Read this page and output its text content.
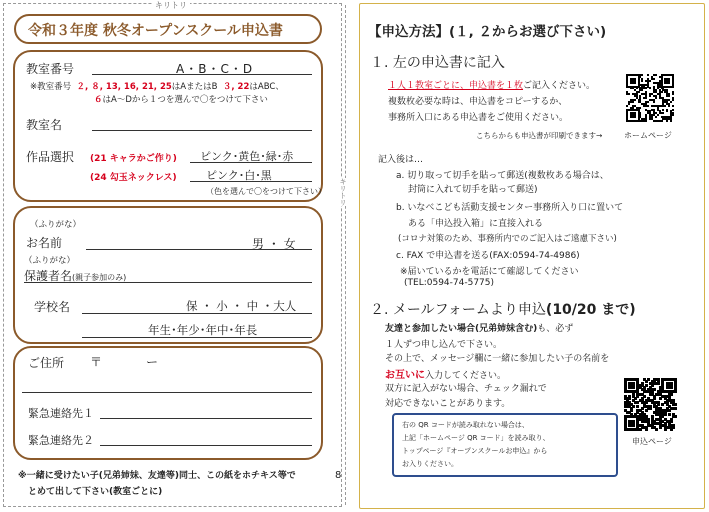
キリトリ
キリトリ
令和３年度 秋冬オープンスクール申込書
教室番号	A・B・C・D
※教室番号 ２, ８, 13, 16, 21, 25はAまたはB ３, 22はABC、
６はA～Dから１つを選んで〇をつけて下さい
教室名
作品選択 (21 キャラかご作り) ピンク･黄色･緑･赤
(24 勾玉ネックレス)	ピンク･白･黒
（色を選んで〇をつけて下さい）
（ふりがな）
お名前	男 ・ 女
（ふりがな）
保護者名(親子参加のみ)
学校名	保 ・ 小 ・ 中 ・大人
年生･年少･年中･年長
ご住所 〒	ー
緊急連絡先１
緊急連絡先２
※一緒に受けたい子(兄弟姉妹、友達等)同士、この紙をホチキス等で
とめて出して下さい(教室ごとに)
8
【申込方法】(１, ２からお選び下さい)
１. 左の申込書に記入
１人１教室ごとに、申込書を１枚ご記入ください。
複数枚必要な時は、申込書をコピーするか、
事務所入口にある申込書をご使用ください。
こちらからも申込書が印刷できます→	ホームページ
記入後は…
a. 切り取って切手を貼って郵送(複数枚ある場合は、
封筒に入れて切手を貼って郵送)
b. いなべこども活動支援センター事務所入り口に置いて
ある「申込投入箱」に直接入れる
(コロナ対策のため、事務所内でのご記入はご遠慮下さい)
c. FAX で申込書を送る(FAX:0594-74-4986)
※届いているかを電話にて確認してください
(TEL:0594-74-5775)
２. メールフォームより申込(10/20 まで)
友達と参加したい場合(兄弟姉妹含む)も、必ず
１人ずつ申し込んで下さい。
その上で、メッセージ欄に一緒に参加したい子の名前を
お互いに入力してください。
双方に記入がない場合、チェック漏れで
対応できないことがあります。
申込ページ
右の QR コードが読み取れない場合は、
上記「ホームページ QR コード」を読み取り、
トップページ『オープンスクールお申込』から
お入りください。
